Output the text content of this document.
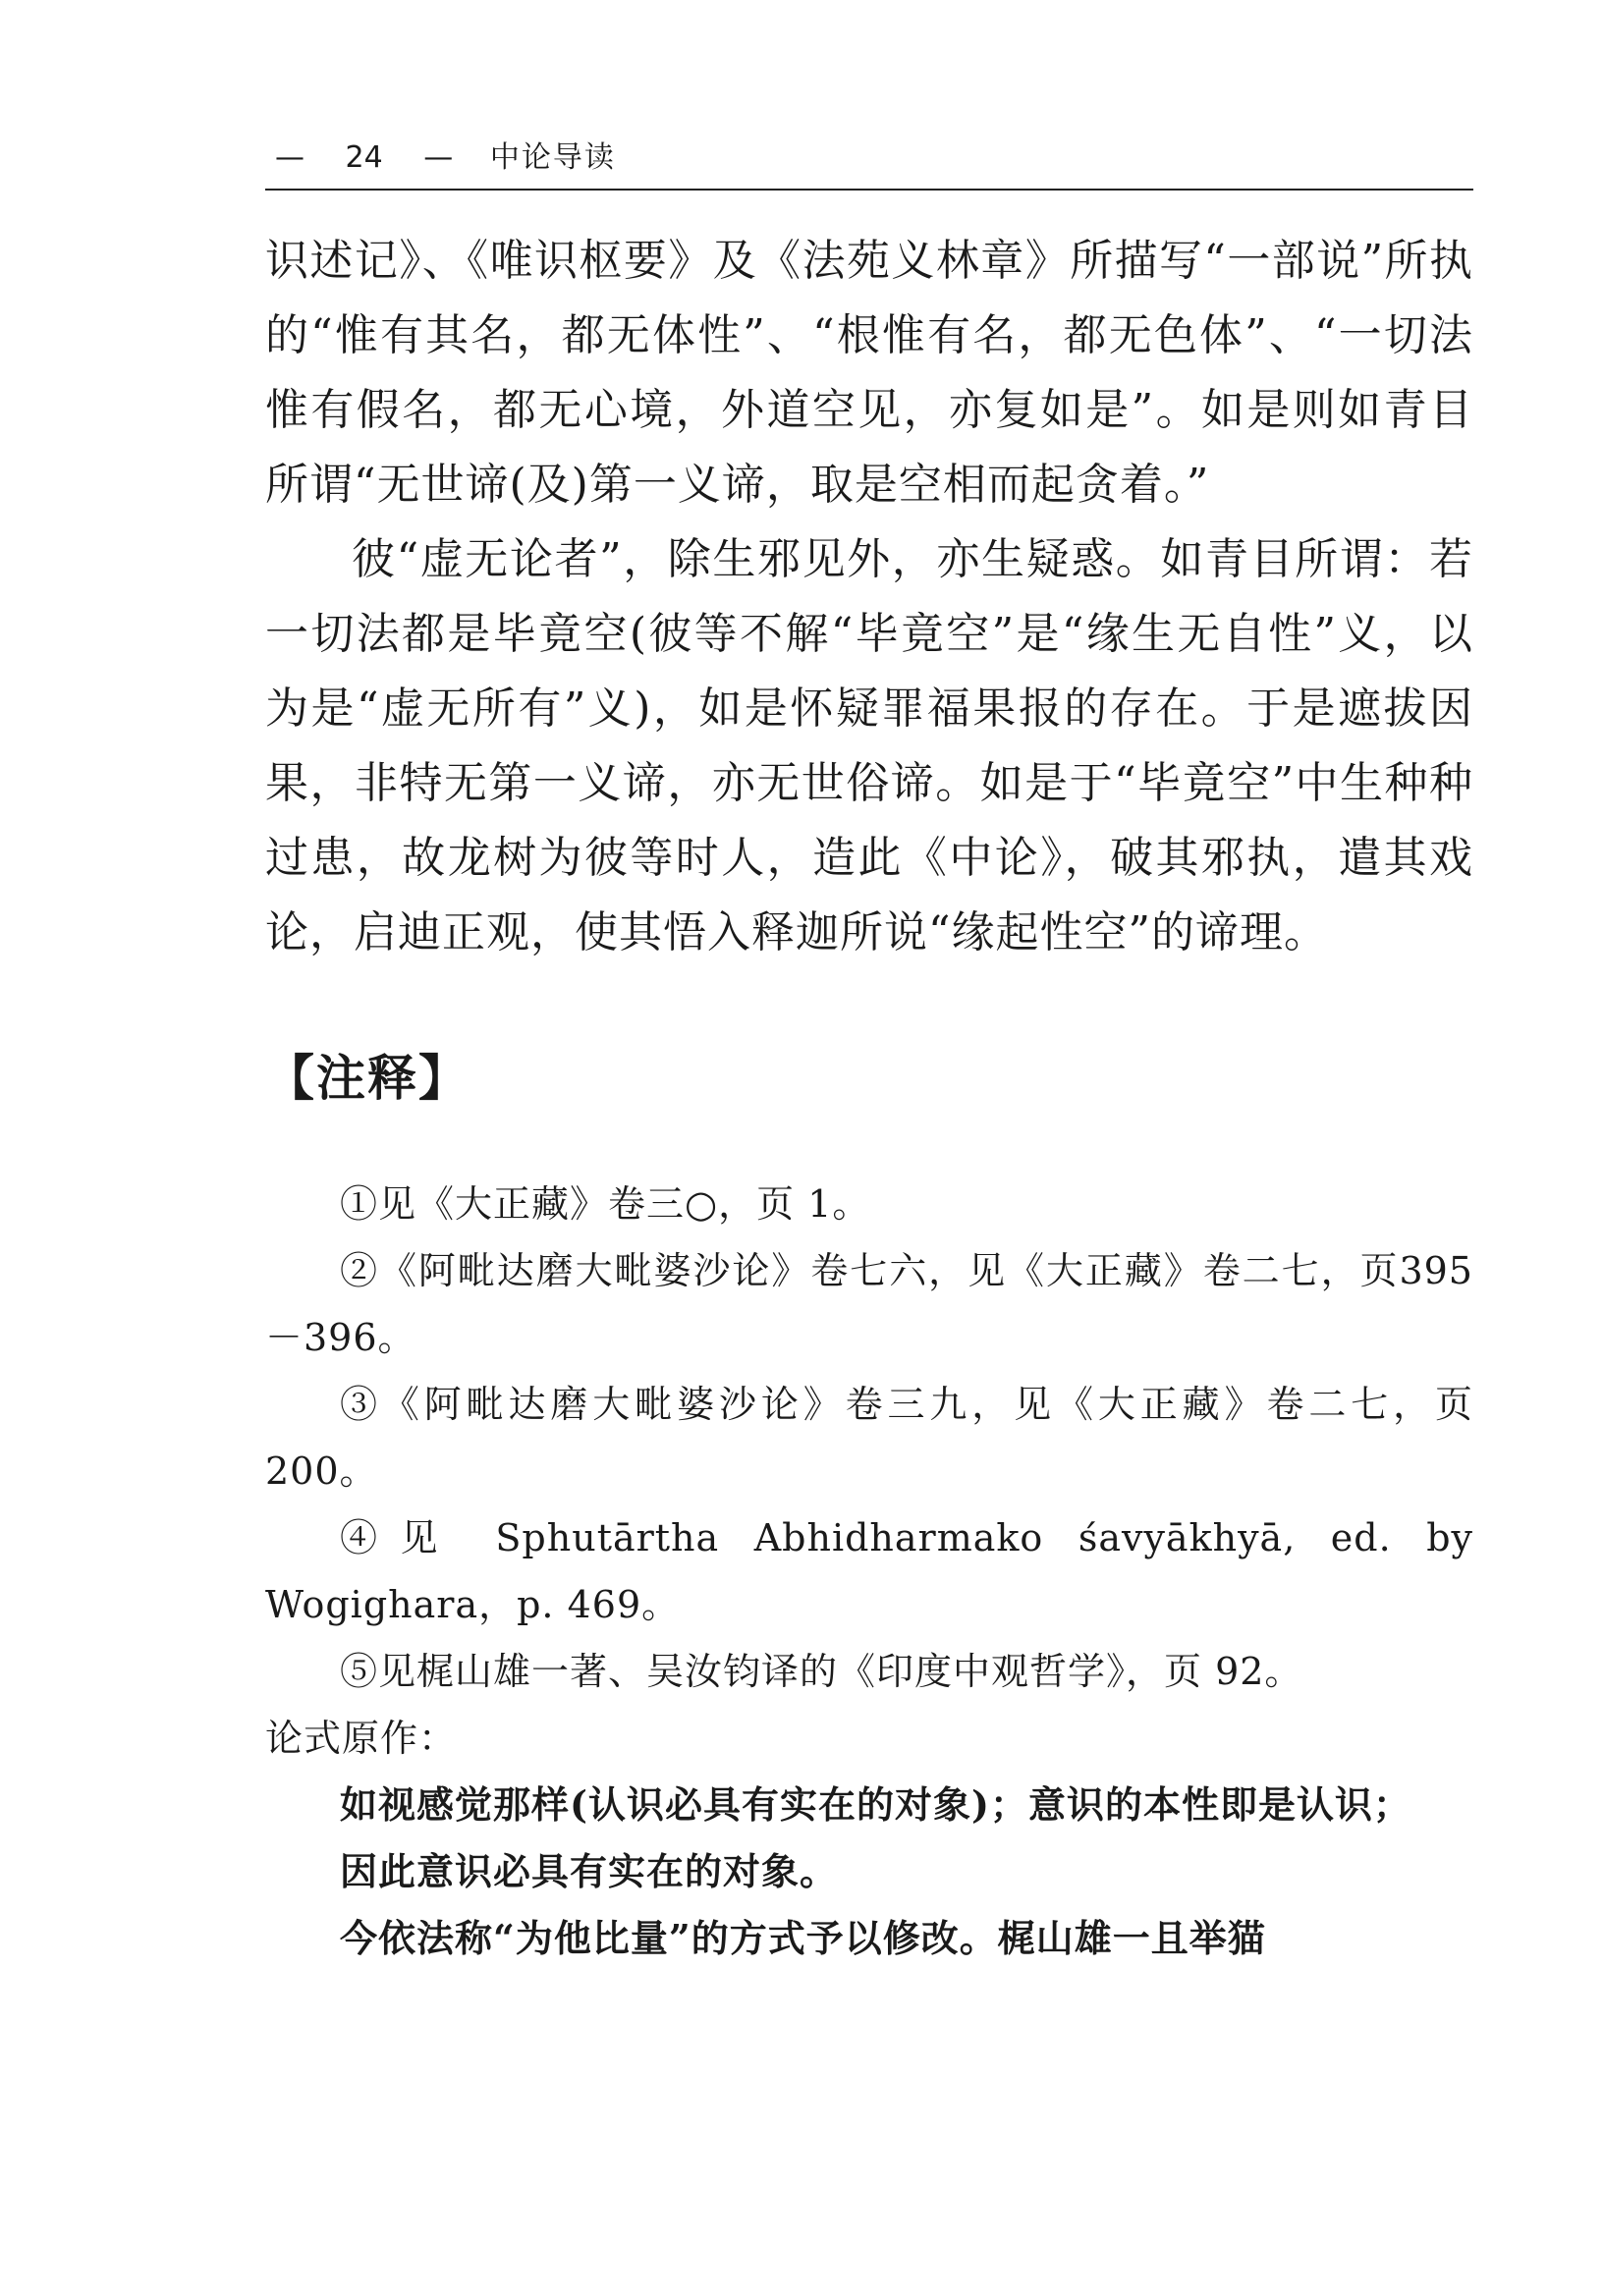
— 24 — 中论导读

识述记》、《唯识枢要》及《法苑义林章》所描写“一部说”所执的“惟有其名，都无体性”、“根惟有名，都无色体”、“一切法惟有假名，都无心境，外道空见，亦复如是”。如是则如青目所谓“无世谛(及)第一义谛，取是空相而起贪着。”

彼“虚无论者”，除生邪见外，亦生疑惑。如青目所谓：若一切法都是毕竟空(彼等不解“毕竟空”是“缘生无自性”义，以为是“虚无所有”义)，如是怀疑罪福果报的存在。于是遮拔因果，非特无第一义谛，亦无世俗谛。如是于“毕竟空”中生种种过患，故龙树为彼等时人，造此《中论》，破其邪执，遣其戏论，启迪正观，使其悟入释迦所说“缘起性空”的谛理。

【注释】

①见《大正藏》卷三○，页 1。

②《阿毗达磨大毗婆沙论》卷七六，见《大正藏》卷二七，页395－396。

③《阿毗达磨大毗婆沙论》卷三九，见《大正藏》卷二七，页200。

④见 Sphutārtha Abhidharmako śavyākhyā, ed. by Wogighara，p. 469。

⑤见梶山雄一著、吴汝钧译的《印度中观哲学》，页 92。

论式原作：

如视感觉那样(认识必具有实在的对象)；意识的本性即是认识；

因此意识必具有实在的对象。

今依法称“为他比量”的方式予以修改。梶山雄一且举猫
